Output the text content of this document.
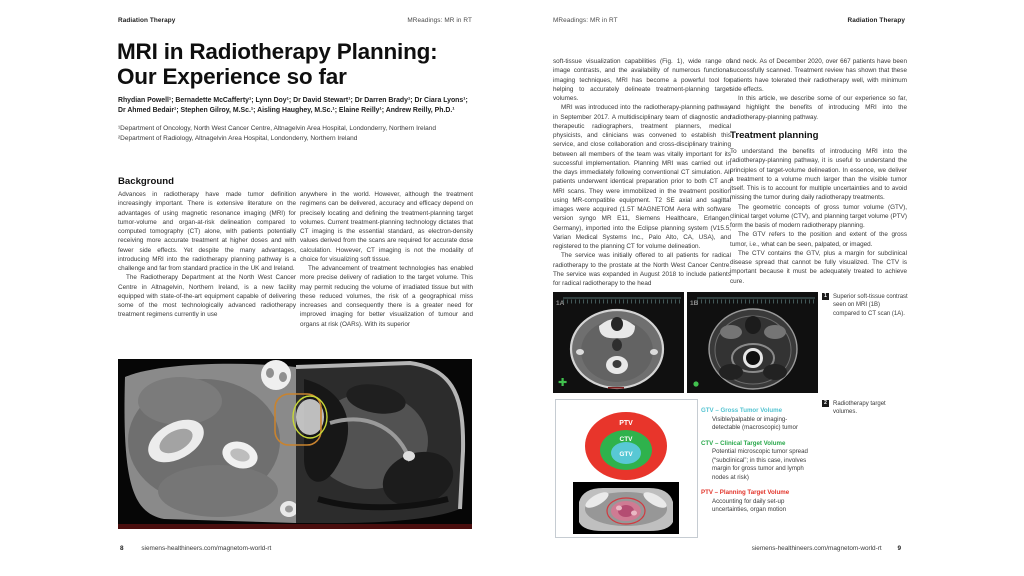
Radiation Therapy	MReadings: MR in RT
MRI in Radiotherapy Planning:
Our Experience so far
Rhydian Powell¹; Bernadette McCafferty¹; Lynn Doy¹; Dr David Stewart¹; Dr Darren Brady¹; Dr Ciara Lyons¹;
Dr Ahmed Bedair¹; Stephen Gilroy, M.Sc.¹; Aisling Haughey, M.Sc.¹; Elaine Reilly¹; Andrew Reilly, Ph.D.¹
¹Department of Oncology, North West Cancer Centre, Altnagelvin Area Hospital, Londonderry, Northern Ireland
²Department of Radiology, Altnagelvin Area Hospital, Londonderry, Northern Ireland
Background

Advances in radiotherapy have made tumor definition increasingly important. There is extensive literature on the advantages of using magnetic resonance imaging (MRI) for tumor-volume and organ-at-risk delineation compared to computed tomography (CT) alone, with patients potentially receiving more accurate treatment at higher doses and with fewer side effects. Yet despite the many advantages, introducing MRI into the radiotherapy planning pathway is a challenge and far from standard practice in the UK and Ireland.

The Radiotherapy Department at the North West Cancer Centre in Altnagelvin, Northern Ireland, is a new facility equipped with state-of-the-art equipment capable of delivering some of the most technologically advanced radiotherapy treatment regimens currently in use

anywhere in the world. However, although the treatment regimens can be delivered, accuracy and efficacy depend on precisely locating and defining the treatment-planning target volumes. Current treatment-planning technology dictates that CT imaging is the essential standard, as electron-density values derived from the scans are required for accurate dose calculation. However, CT imaging is not the modality of choice for visualizing soft tissue.

The advancement of treatment technologies has enabled more precise delivery of radiation to the target volume. This may permit reducing the volume of irradiated tissue but with these reduced volumes, the risk of a geographical miss increases and consequently there is a greater need for improved imaging for better visualization of tumour and organs at risk (OARs). With its superior

8	siemens-healthineers.com/magnetom-world-rt
MReadings: MR in RT	Radiation Therapy

soft-tissue visualization capabilities (Fig. 1), wide range of image contrasts, and the availability of numerous functional imaging techniques, MRI has become a powerful tool for helping to accurately delineate treatment-planning target volumes.

MRI was introduced into the radiotherapy-planning pathway in September 2017. A multidisciplinary team of diagnostic and therapeutic radiographers, treatment planners, medical physicists, and clinicians was convened to establish this service, and close collaboration and cross-disciplinary training between all members of the team was vitally important for its successful implementation. Planning MRI was carried out in the days immediately following conventional CT simulation. All patients underwent identical preparation prior to both CT and MRI scans. They were immobilized in the treatment position using MR-compatible equipment. T2 SE axial and sagittal images were acquired (1.5T MAGNETOM Aera with software version syngo MR E11, Siemens Healthcare, Erlangen, Germany), imported into the Eclipse planning system (V15.5, Varian Medical Systems Inc., Palo Alto, CA, USA), and registered to the planning CT for volume delineation.

The service was initially offered to all patients for radical radiotherapy to the prostate at the North West Cancer Centre. The service was expanded in August 2018 to include patients for radical radiotherapy to the head

and neck. As of December 2020, over 667 patients have been successfully scanned. Treatment review has shown that these patients have tolerated their radiotherapy well, with minimum side effects.

In this article, we describe some of our experience so far, and highlight the benefits of introducing MRI into the radiotherapy-planning pathway.

Treatment planning

To understand the benefits of introducing MRI into the radiotherapy-planning pathway, it is useful to understand the principles of target-volume delineation. In essence, we deliver a treatment to a volume much larger than the visible tumor itself. This is to account for multiple uncertainties and to avoid missing the tumor during daily radiotherapy treatments.

The geometric concepts of gross tumor volume (GTV), clinical target volume (CTV), and planning target volume (PTV) form the basis of modern radiotherapy planning.

The GTV refers to the position and extent of the gross tumor, i.e., what can be seen, palpated, or imaged.

The CTV contains the GTV, plus a margin for subclinical disease spread that cannot be fully visualized. The CTV is important because it must be adequately treated to achieve cure.

1A	1B
1	Superior soft-tissue contrast seen on MRI (1B) compared to CT scan (1A).
PTV
CTV
GTV
GTV – Gross Tumor Volume
Visible/palpable or imaging-detectable (macroscopic) tumor
CTV – Clinical Target Volume
Potential microscopic tumor spread (“subclinical”; in this case, involves margin for gross tumor and lymph nodes at risk)
PTV – Planning Target Volume
Accounting for daily set-up uncertainties, organ motion
2	Radiotherapy target volumes.
siemens-healthineers.com/magnetom-world-rt 9
